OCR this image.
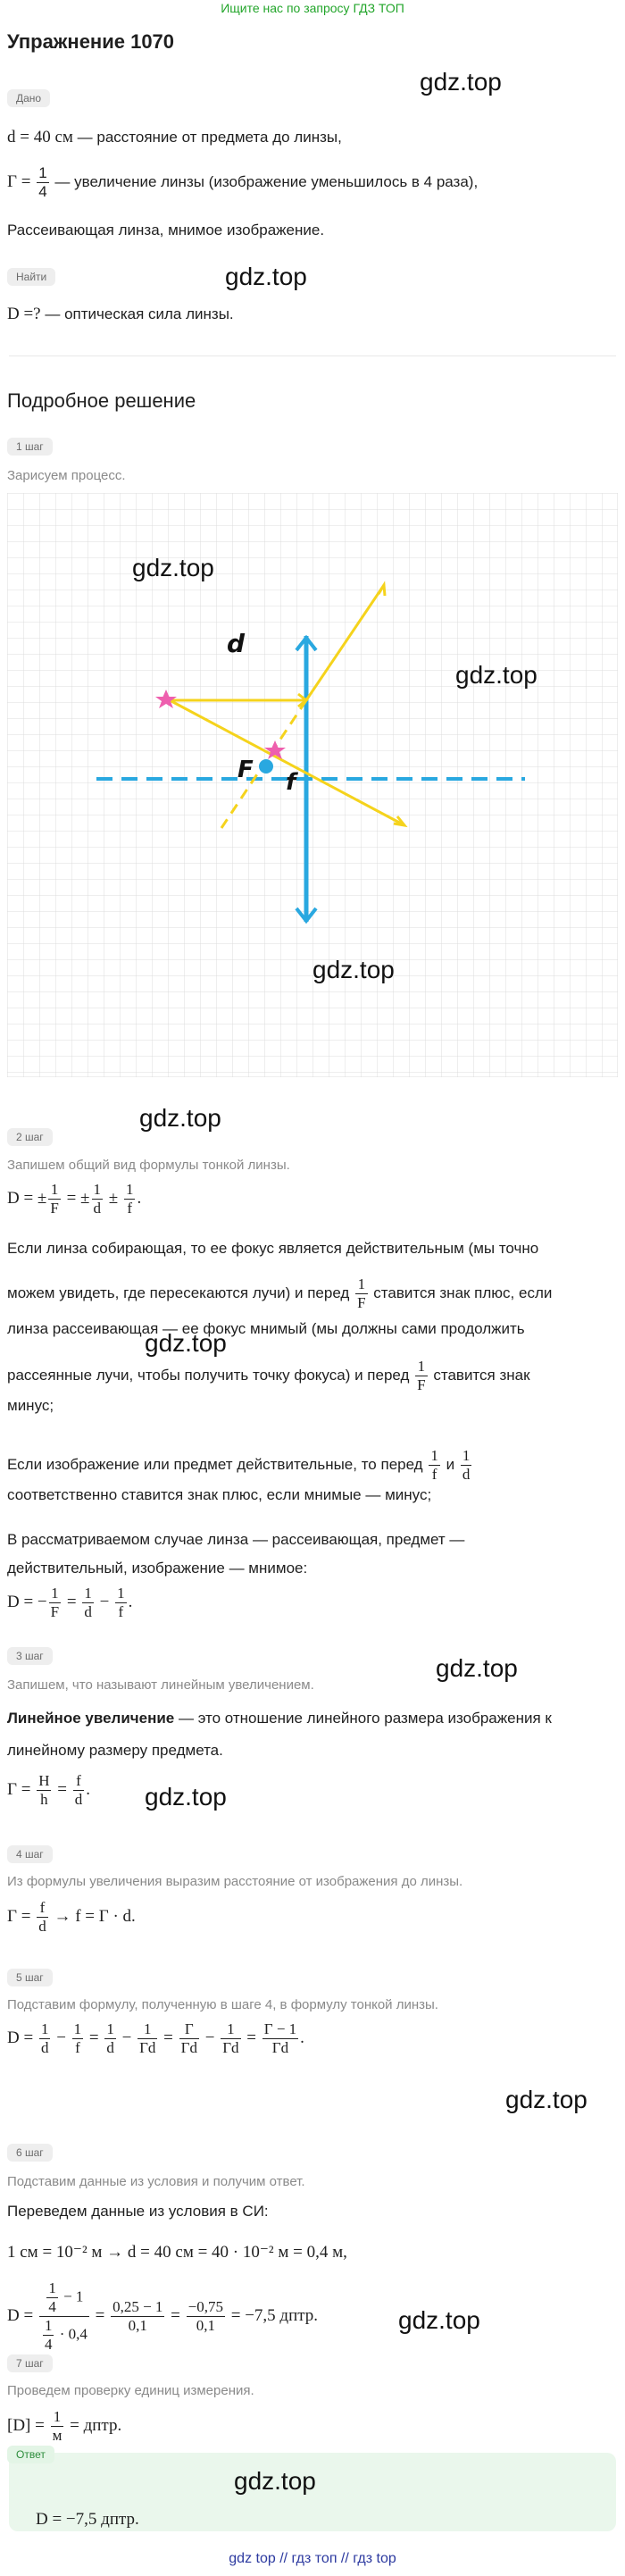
Ищите нас по запросу ГДЗ ТОП
Упражнение 1070
Дано
d = 40 см — расстояние от предмета до линзы,
$\Gamma = \frac{1}{4}$ — увеличение линзы (изображение уменьшилось в 4 раза),
Рассеивающая линза, мнимое изображение.
Найти
D =? — оптическая сила линзы.
Подробное решение
1 шаг
Зарисуем процесс.
d
F f
2 шаг
Запишем общий вид формулы тонкой линзы.
D = ± $\frac{1}{F}$ = ± $\frac{1}{d} \pm \frac{1}{f}$ .
Если линза собирающая, то ее фокус является действительным (мы точно
можем увидеть, где пересекаются лучи) и перед $\frac{1}{F}$ ставится знак плюс, если
линза рассеивающая — ее фокус мнимый (мы должны сами продолжить
рассеянные лучи, чтобы получить точку фокуса) и перед $\frac{1}{F}$ ставится знак
минус;
Если изображение или предмет действительные, то перед $\frac{1}{f}$ и $\frac{1}{d}$
соответственно ставится знак плюс, если мнимые — минус;
В рассматриваемом случае линза — рассеивающая, предмет —
действительный, изображение — мнимое:
D = − $\frac{1}{F} = \frac{1}{d} - \frac{1}{f}$ .
3 шаг
Запишем, что называют линейным увеличением.
Линейное увеличение — это отношение линейного размера изображения к
линейному размеру предмета.
$\Gamma = \frac{H}{h} = \frac{f}{d}$ .
4 шаг
Из формулы увеличения выразим расстояние от изображения до линзы.
$\Gamma = \frac{f}{d} \to f = \Gamma \cdot d$.
5 шаг
Подставим формулу, полученную в шаге 4, в формулу тонкой линзы.
$D = \frac{1}{d} - \frac{1}{f} = \frac{1}{d} - \frac{1}{\Gamma d} = \frac{\Gamma}{\Gamma d} - \frac{1}{\Gamma d} = \frac{\Gamma - 1}{\Gamma d}$ .
6 шаг
Подставим данные из условия и получим ответ.
Переведем данные из условия в СИ:
1 см = 10⁻² м → d = 40 см = 40 · 10⁻² м = 0,4 м,
$D = \frac{\frac{1}{4} - 1}{\frac{1}{4} \cdot 0,4} = \frac{0,25 - 1}{0,1} = \frac{-0,75}{0,1} = -7,5$ дптр.
7 шаг
Проведем проверку единиц измерения.
$[D] = \frac{1}{м}$ = дптр.
Ответ
D = −7,5 дптр.
gdz.top
gdz.top
gdz.top
gdz.top
gdz.top
gdz.top
gdz.top
gdz.top
gdz.top
gdz.top
gdz.top
gdz.top
gdz top // гдз топ // гдз top
